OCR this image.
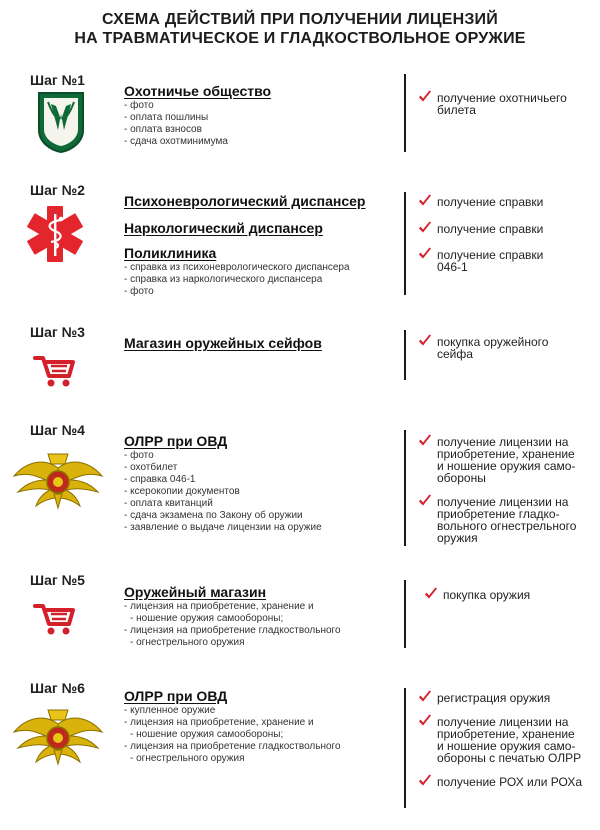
СХЕМА ДЕЙСТВИЙ ПРИ ПОЛУЧЕНИИ ЛИЦЕНЗИЙ
НА ТРАВМАТИЧЕСКОЕ И ГЛАДКОСТВОЛЬНОЕ ОРУЖИЕ
Шаг №1
Охотничье общество
- фото
- оплата пошлины
- оплата взносов
- сдача охотминимума
получение охотничьего
билета
Шаг №2
Психоневрологический диспансер
Наркологический диспансер
Поликлиника
- справка из психоневрологического диспансера
- справка из наркологического диспансера
- фото
получение справки
получение справки
получение справки
046-1
Шаг №3
Магазин оружейных сейфов	покупка оружейного
сейфа
Шаг №4
ОЛРР при ОВД
- фото
- охотбилет
- справка 046-1
- ксерокопии документов
- оплата квитанций
- сдача экзамена по Закону об оружии
- заявление о выдаче лицензии на оружие
получение лицензии на
приобретение, хранение
и ношение оружия само-
обороны
получение лицензии на
приобретение гладко-
вольного огнестрельного
оружия
Шаг №5
Оружейный магазин
- лицензия на приобретение, хранение и
- ношение оружия самообороны;
- лицензия на приобретение гладкоствольного
- огнестрельного оружия
покупка оружия
Шаг №6	ОЛРР при ОВД
- купленное оружие
- лицензия на приобретение, хранение и
- ношение оружия самообороны;
- лицензия на приобретение гладкоствольного
- огнестрельного оружия
регистрация оружия
получение лицензии на
приобретение, хранение
и ношение оружия само-
обороны с печатью ОЛРР
получение РОХ или РОХа
